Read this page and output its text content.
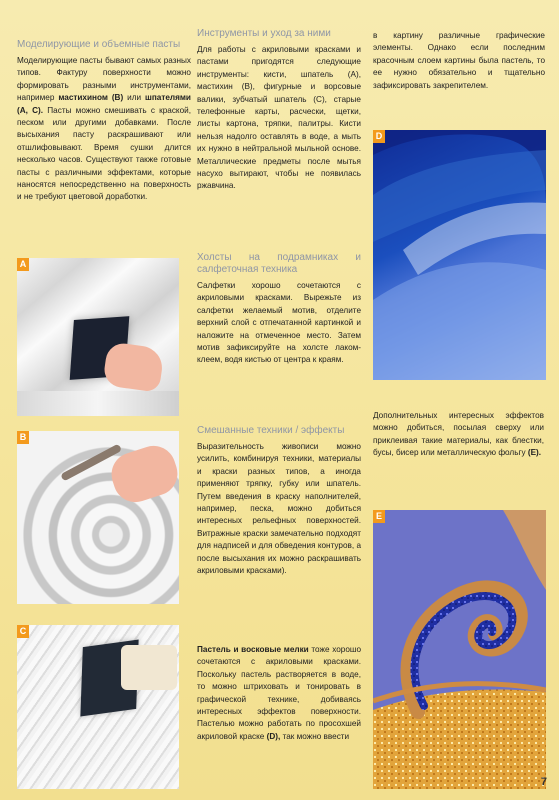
Моделирующие и объемные пасты

Моделирующие пасты бывают самых разных типов. Фактуру поверхности можно формировать разными инструментами, например мастихином (B) или шпателями (A, C). Пасты можно смешивать с краской, песком или другими добавками. После высыхания пасту раскрашивают или отшлифовывают. Время сушки длится несколько часов. Существуют также готовые пасты с различными эффектами, которые наносятся непосредственно на поверхность и не требуют цветовой доработки.

Инструменты и уход за ними

Для работы с акриловыми красками и пастами пригодятся следующие инструменты: кисти, шпатель (A), мастихин (B), фигурные и ворсовые валики, зубчатый шпатель (C), старые телефонные карты, расчески, щетки, листы картона, тряпки, палитры. Кисти нельзя надолго оставлять в воде, а мыть их нужно в нейтральной мыльной основе. Металлические предметы после мытья насухо вытирают, чтобы не появилась ржавчина.

в картину различные графические элементы. Однако если последним красочным слоем картины была пастель, то ее нужно обязательно и тщательно зафиксировать закрепителем.

Холсты на подрамниках и салфеточная техника

Салфетки хорошо сочетаются с акриловыми красками. Вырежьте из салфетки желаемый мотив, отделите верхний слой с отпечатанной картинкой и наложите на отмеченное место. Затем мотив зафиксируйте на холсте лаком-клеем, водя кистью от центра к краям.

Смешанные техники / эффекты

Выразительность живописи можно усилить, комбинируя техники, материалы и краски разных типов, а иногда применяют тряпку, губку или шпатель. Путем введения в краску наполнителей, например, песка, можно добиться интересных рельефных поверхностей. Витражные краски замечательно подходят для надписей и для обведения контуров, а после высыхания их можно раскрашивать акриловыми красками).

Дополнительных интересных эффектов можно добиться, посылая сверху или приклеивая такие материалы, как блестки, бусы, бисер или металлическую фольгу (E).

Пастель и восковые мелки тоже хорошо сочетаются с акриловыми красками. Поскольку пастель растворяется в воде, то можно штриховать и тонировать в графической технике, добиваясь интересных эффектов поверхности. Пастелью можно работать по просохшей акриловой краске (D), так можно ввести

A
B
C
D
E
7
